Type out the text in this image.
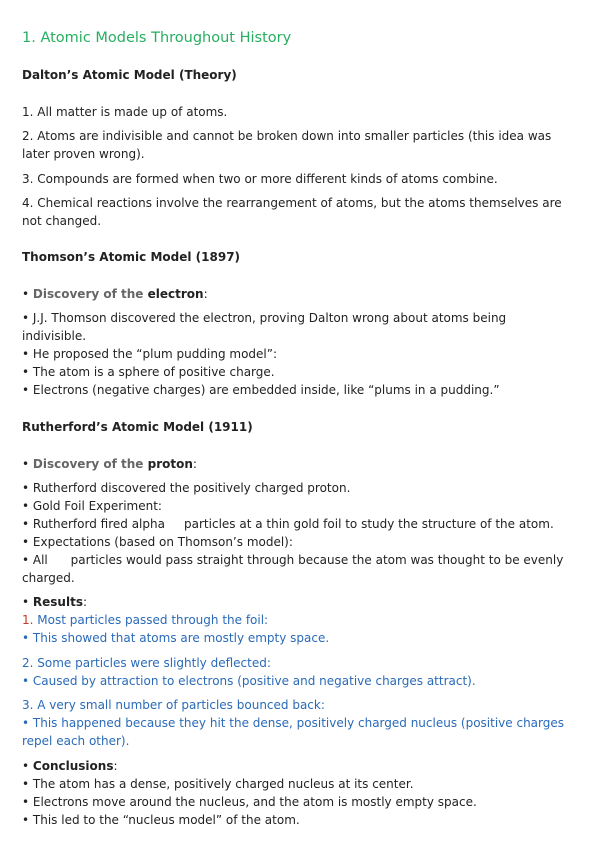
1. Atomic Models Throughout History
Dalton’s Atomic Model (Theory)
1. All matter is made up of atoms.
2. Atoms are indivisible and cannot be broken down into smaller particles (this idea was
later proven wrong).
3. Compounds are formed when two or more different kinds of atoms combine.
4. Chemical reactions involve the rearrangement of atoms, but the atoms themselves are
not changed.
Thomson’s Atomic Model (1897)
• Discovery of the electron:
• J.J. Thomson discovered the electron, proving Dalton wrong about atoms being
indivisible.
• He proposed the “plum pudding model”:
• The atom is a sphere of positive charge.
• Electrons (negative charges) are embedded inside, like “plums in a pudding.”
Rutherford’s Atomic Model (1911)
• Discovery of the proton:
• Rutherford discovered the positively charged proton.
• Gold Foil Experiment:
• Rutherford fired alpha     particles at a thin gold foil to study the structure of the atom.
• Expectations (based on Thomson’s model):
• All      particles would pass straight through because the atom was thought to be evenly
charged.
• Results:
1. Most particles passed through the foil:
• This showed that atoms are mostly empty space.
2. Some particles were slightly deflected:
• Caused by attraction to electrons (positive and negative charges attract).
3. A very small number of particles bounced back:
• This happened because they hit the dense, positively charged nucleus (positive charges
repel each other).
• Conclusions:
• The atom has a dense, positively charged nucleus at its center.
• Electrons move around the nucleus, and the atom is mostly empty space.
• This led to the “nucleus model” of the atom.
